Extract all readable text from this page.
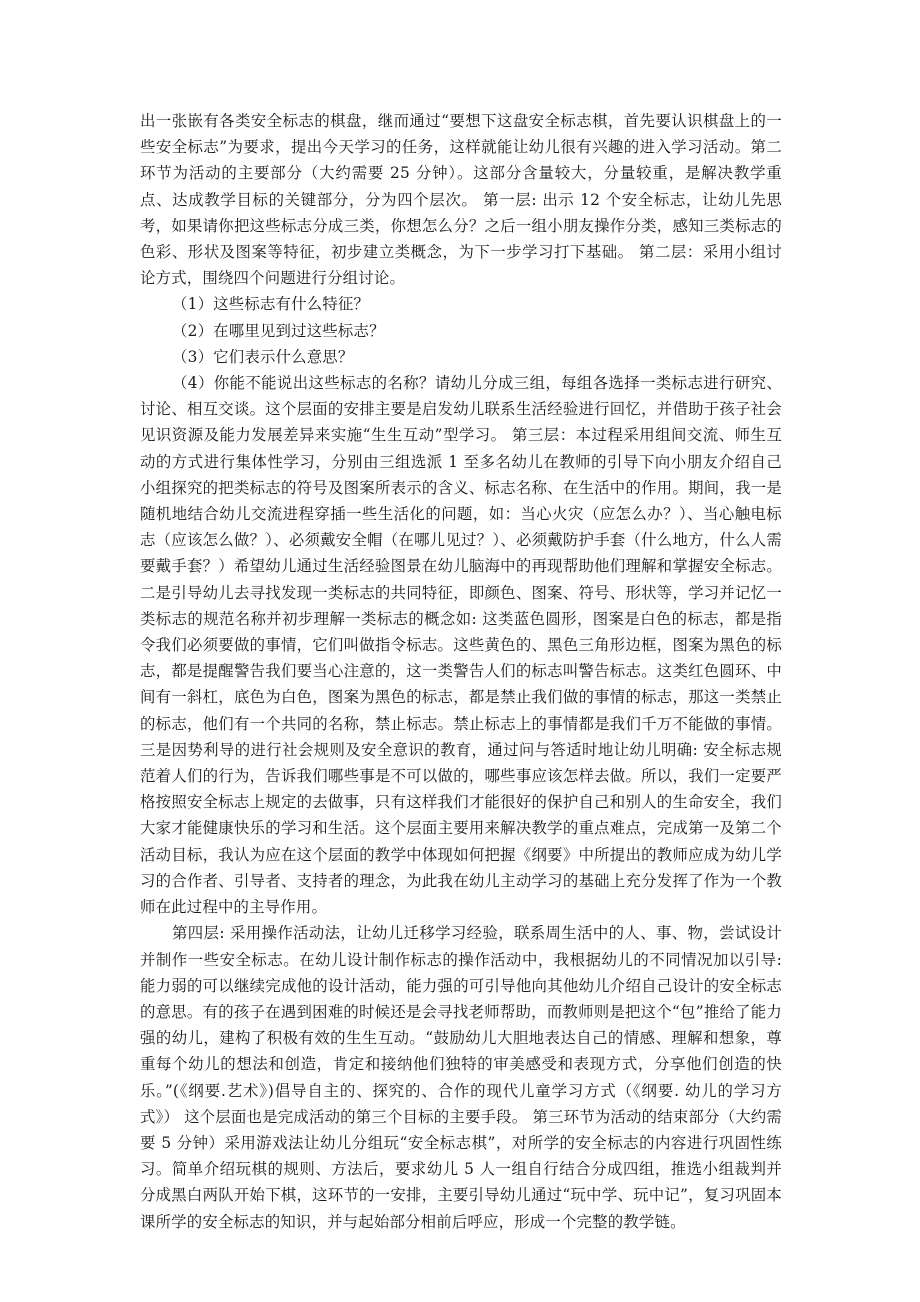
出一张嵌有各类安全标志的棋盘，继而通过“要想下这盘安全标志棋，首先要认识棋盘上的一些安全标志”为要求，提出今天学习的任务，这样就能让幼儿很有兴趣的进入学习活动。第二环节为活动的主要部分（大约需要 25 分钟）。这部分含量较大，分量较重，是解决教学重点、达成教学目标的关键部分，分为四个层次。 第一层: 出示 12 个安全标志，让幼儿先思考，如果请你把这些标志分成三类，你想怎么分？之后一组小朋友操作分类，感知三类标志的色彩、形状及图案等特征，初步建立类概念，为下一步学习打下基础。 第二层：采用小组讨论方式，围绕四个问题进行分组讨论。

（1）这些标志有什么特征？

（2）在哪里见到过这些标志？

（3）它们表示什么意思？

（4）你能不能说出这些标志的名称？请幼儿分成三组，每组各选择一类标志进行研究、讨论、相互交谈。这个层面的安排主要是启发幼儿联系生活经验进行回忆，并借助于孩子社会见识资源及能力发展差异来实施“生生互动”型学习。 第三层：本过程采用组间交流、师生互动的方式进行集体性学习，分别由三组选派 1 至多名幼儿在教师的引导下向小朋友介绍自己小组探究的把类标志的符号及图案所表示的含义、标志名称、在生活中的作用。期间，我一是随机地结合幼儿交流进程穿插一些生活化的问题，如：当心火灾（应怎么办？）、当心触电标志（应该怎么做？）、必须戴安全帽（在哪儿见过？）、必须戴防护手套（什么地方，什么人需要戴手套？）希望幼儿通过生活经验图景在幼儿脑海中的再现帮助他们理解和掌握安全标志。二是引导幼儿去寻找发现一类标志的共同特征，即颜色、图案、符号、形状等，学习并记忆一类标志的规范名称并初步理解一类标志的概念如: 这类蓝色圆形，图案是白色的标志，都是指令我们必须要做的事情，它们叫做指令标志。这些黄色的、黑色三角形边框，图案为黑色的标志，都是提醒警告我们要当心注意的，这一类警告人们的标志叫警告标志。这类红色圆环、中间有一斜杠，底色为白色，图案为黑色的标志，都是禁止我们做的事情的标志，那这一类禁止的标志，他们有一个共同的名称，禁止标志。禁止标志上的事情都是我们千万不能做的事情。三是因势利导的进行社会规则及安全意识的教育，通过问与答适时地让幼儿明确: 安全标志规范着人们的行为，告诉我们哪些事是不可以做的，哪些事应该怎样去做。所以，我们一定要严格按照安全标志上规定的去做事，只有这样我们才能很好的保护自己和别人的生命安全，我们大家才能健康快乐的学习和生活。这个层面主要用来解决教学的重点难点，完成第一及第二个活动目标，我认为应在这个层面的教学中体现如何把握《纲要》中所提出的教师应成为幼儿学习的合作者、引导者、支持者的理念，为此我在幼儿主动学习的基础上充分发挥了作为一个教师在此过程中的主导作用。

第四层: 采用操作活动法，让幼儿迁移学习经验，联系周生活中的人、事、物，尝试设计并制作一些安全标志。在幼儿设计制作标志的操作活动中，我根据幼儿的不同情况加以引导: 能力弱的可以继续完成他的设计活动，能力强的可引导他向其他幼儿介绍自己设计的安全标志的意思。有的孩子在遇到困难的时候还是会寻找老师帮助，而教师则是把这个“包”推给了能力强的幼儿，建构了积极有效的生生互动。“鼓励幼儿大胆地表达自己的情感、理解和想象，尊重每个幼儿的想法和创造，肯定和接纳他们独特的审美感受和表现方式，分享他们创造的快乐。”(《纲要.艺术》)倡导自主的、探究的、合作的现代儿童学习方式（《纲要. 幼儿的学习方式》） 这个层面也是完成活动的第三个目标的主要手段。 第三环节为活动的结束部分（大约需要 5 分钟）采用游戏法让幼儿分组玩“安全标志棋”，对所学的安全标志的内容进行巩固性练习。简单介绍玩棋的规则、方法后，要求幼儿 5 人一组自行结合分成四组，推选小组裁判并分成黑白两队开始下棋，这环节的一安排，主要引导幼儿通过“玩中学、玩中记”，复习巩固本课所学的安全标志的知识，并与起始部分相前后呼应，形成一个完整的教学链。
